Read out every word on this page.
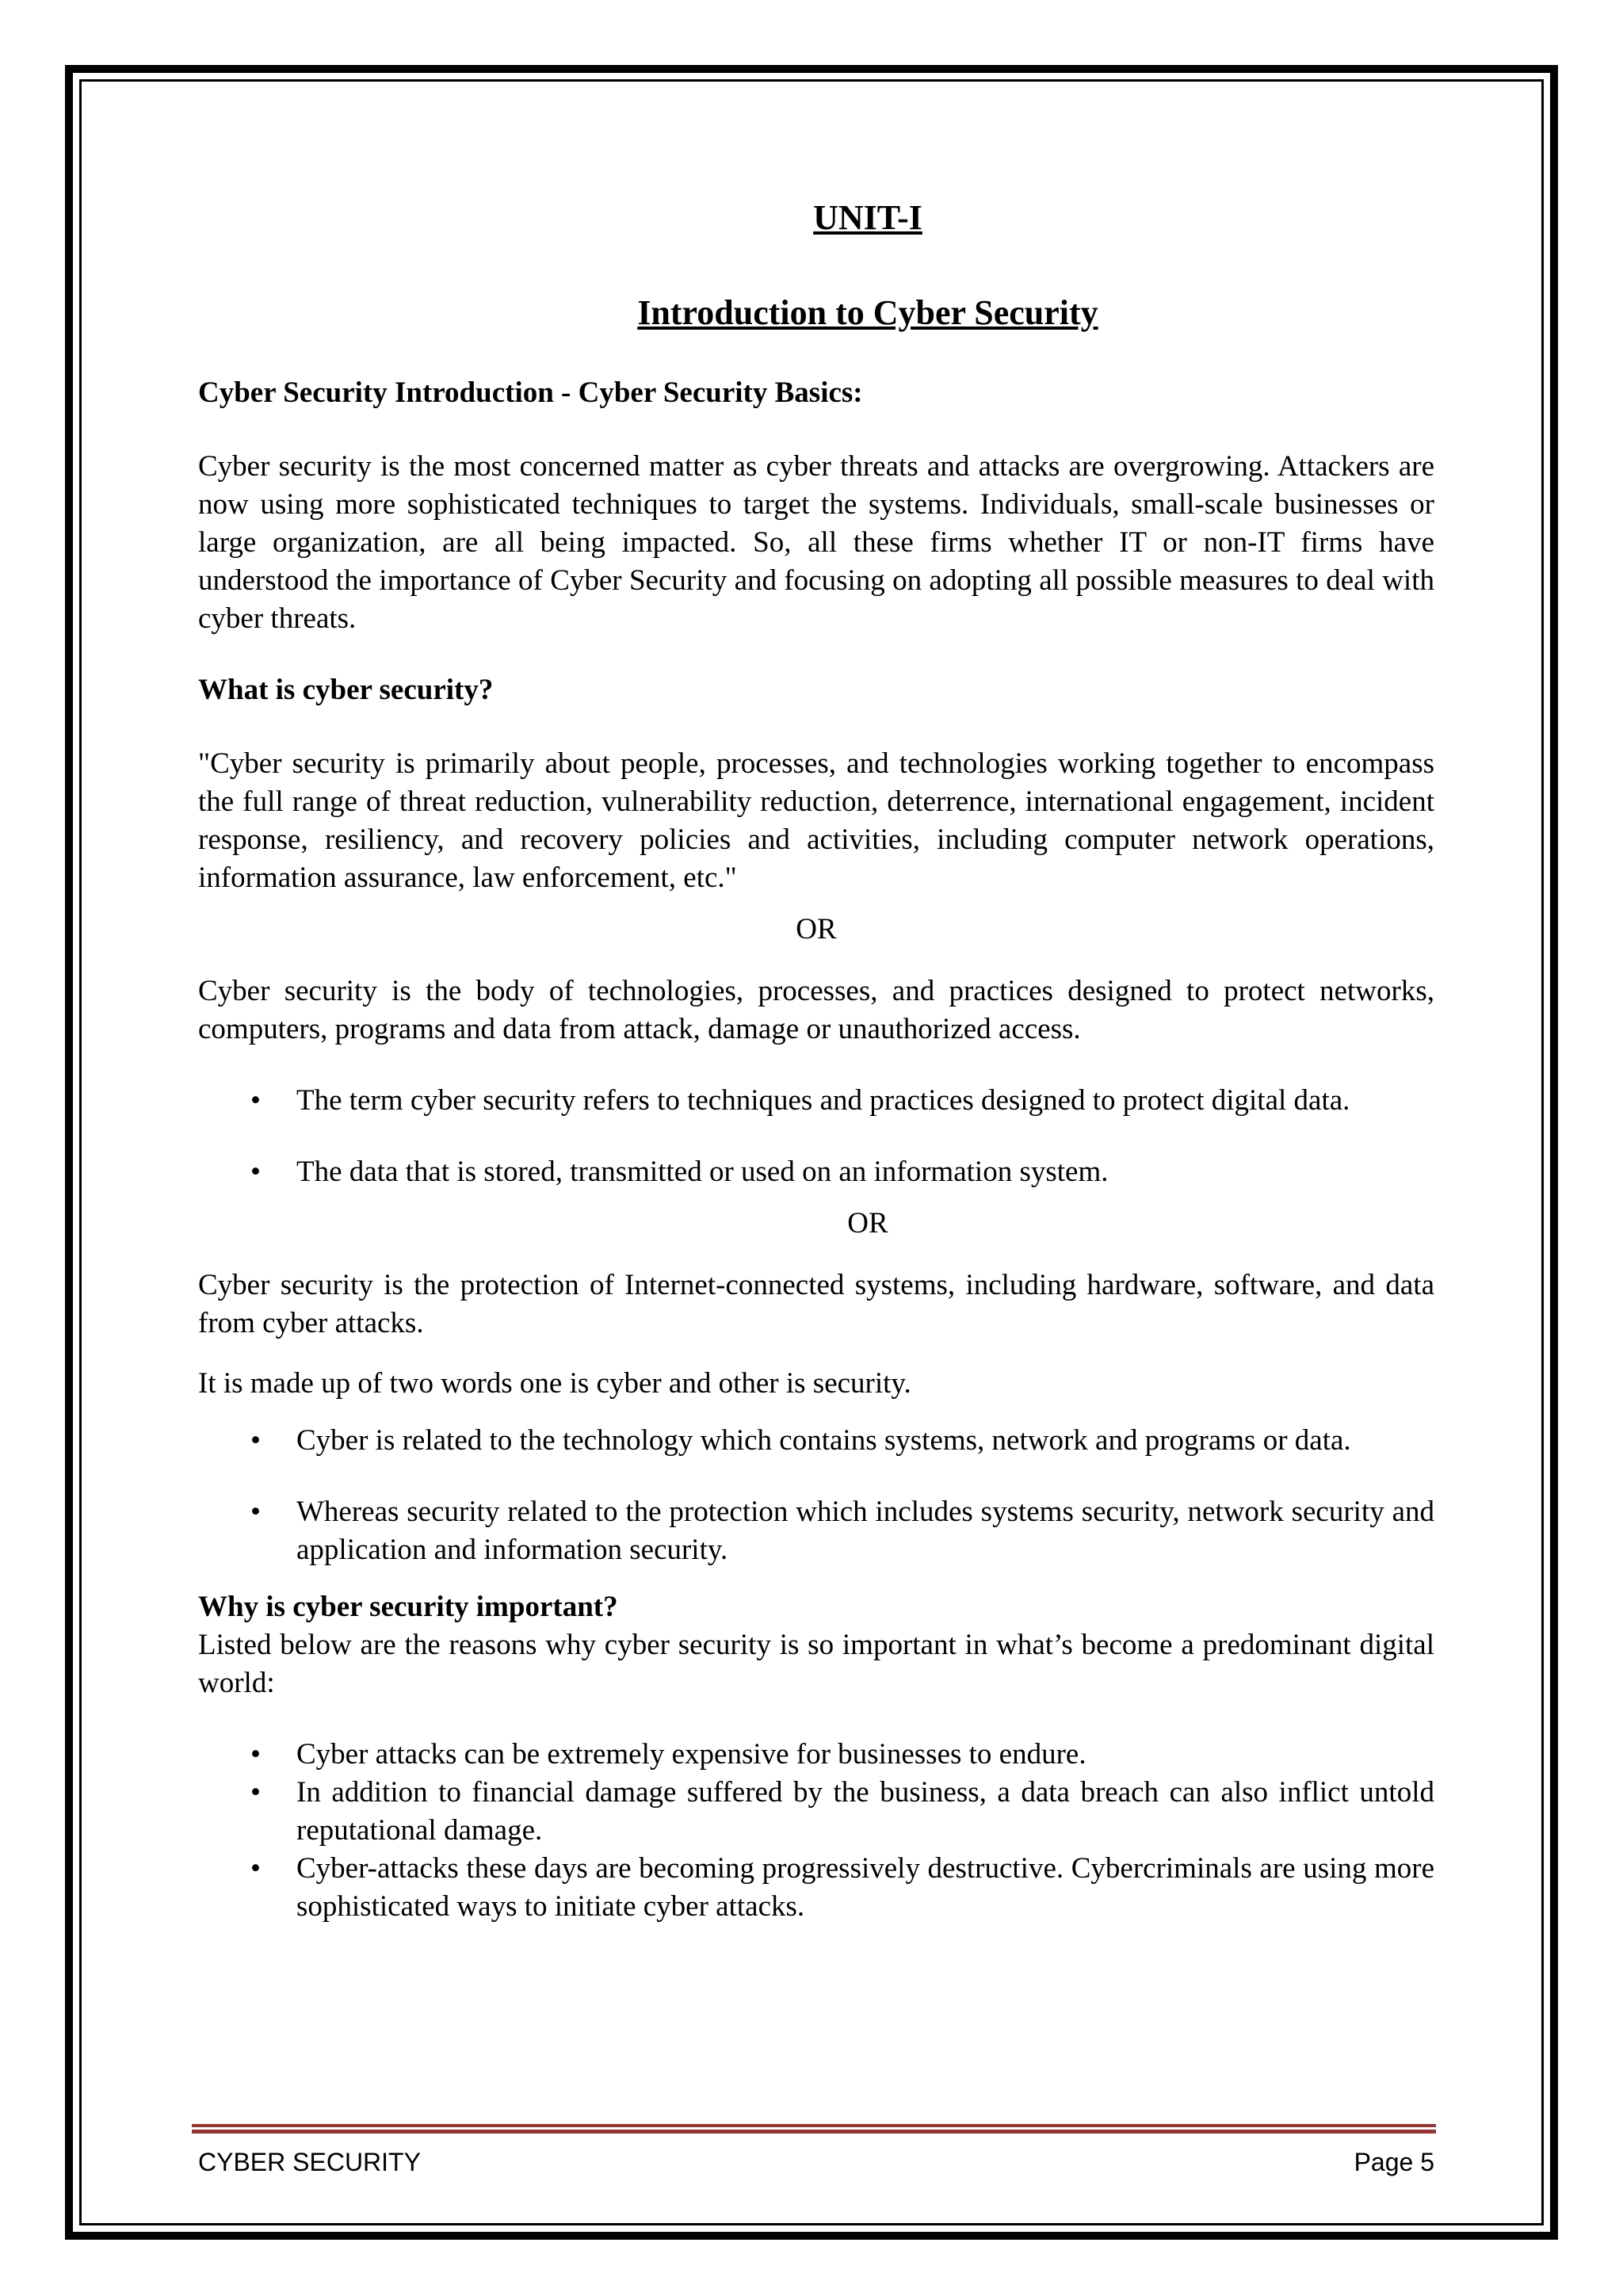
UNIT-I
Introduction to Cyber Security
Cyber Security Introduction - Cyber Security Basics:

Cyber security is the most concerned matter as cyber threats and attacks are overgrowing. Attackers are now using more sophisticated techniques to target the systems. Individuals, small-scale businesses or large organization, are all being impacted. So, all these firms whether IT or non-IT firms have understood the importance of Cyber Security and focusing on adopting all possible measures to deal with cyber threats.

What is cyber security?

"Cyber security is primarily about people, processes, and technologies working together to encompass the full range of threat reduction, vulnerability reduction, deterrence, international engagement, incident response, resiliency, and recovery policies and activities, including computer network operations, information assurance, law enforcement, etc."

OR

Cyber security is the body of technologies, processes, and practices designed to protect networks, computers, programs and data from attack, damage or unauthorized access.

• The term cyber security refers to techniques and practices designed to protect digital data.
• The data that is stored, transmitted or used on an information system.
OR

Cyber security is the protection of Internet-connected systems, including hardware, software, and data from cyber attacks.

It is made up of two words one is cyber and other is security.

• Cyber is related to the technology which contains systems, network and programs or data.
• Whereas security related to the protection which includes systems security, network security and application and information security.
Why is cyber security important?

Listed below are the reasons why cyber security is so important in what’s become a predominant digital world:

• Cyber attacks can be extremely expensive for businesses to endure.
• In addition to financial damage suffered by the business, a data breach can also inflict untold reputational damage.
• Cyber-attacks these days are becoming progressively destructive. Cybercriminals are using more sophisticated ways to initiate cyber attacks.
CYBER SECURITY	Page 5
